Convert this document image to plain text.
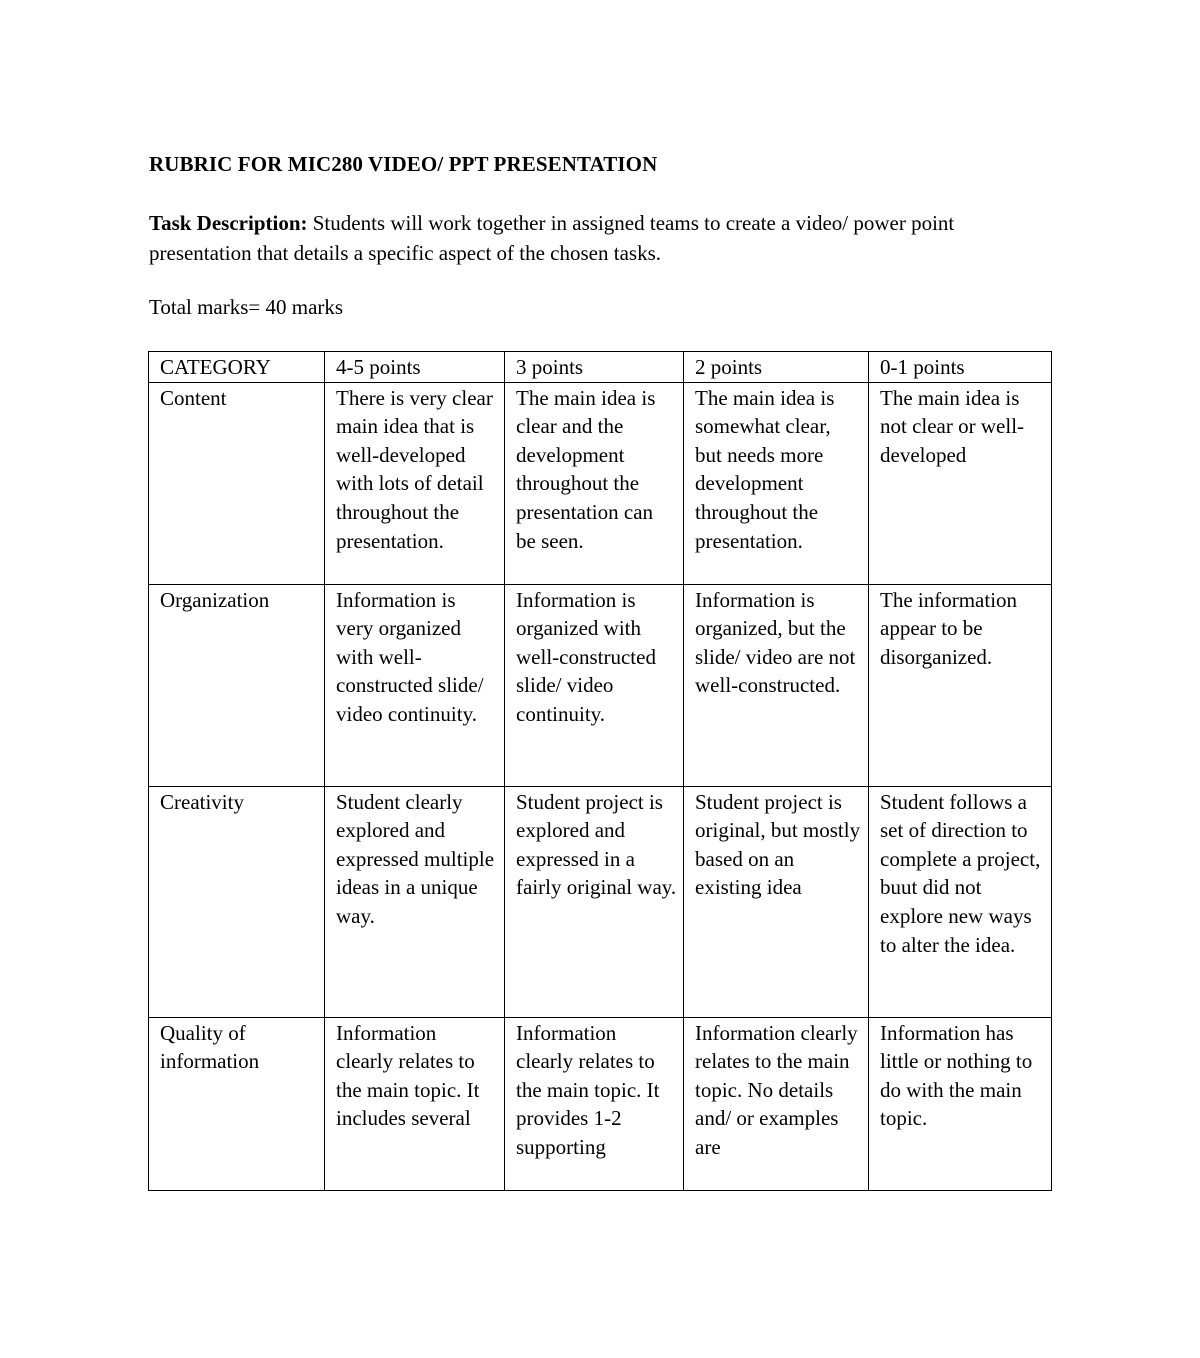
RUBRIC FOR MIC280 VIDEO/ PPT PRESENTATION
Task Description: Students will work together in assigned teams to create a video/ power point presentation that details a specific aspect of the chosen tasks.
Total marks= 40 marks
CATEGORY	4-5 points	3 points	2 points	0-1 points
Content	There is very clear main idea that is well-developed with lots of detail throughout the presentation.	The main idea is clear and the development throughout the presentation can be seen.	The main idea is somewhat clear, but needs more development throughout the presentation.	The main idea is not clear or well-developed
Organization	Information is very organized with well-constructed slide/ video continuity.	Information is organized with well-constructed slide/ video continuity.	Information is organized, but the slide/ video are not well-constructed.	The information appear to be disorganized.
Creativity	Student clearly explored and expressed multiple ideas in a unique way.	Student project is explored and expressed in a fairly original way.	Student project is original, but mostly based on an existing idea	Student follows a set of direction to complete a project, buut did not explore new ways to alter the idea.

Quality of information	Information clearly relates to the main topic. It includes several	Information clearly relates to the main topic. It provides 1-2 supporting	Information clearly relates to the main topic. No details and/ or examples are	Information has little or nothing to do with the main topic.
